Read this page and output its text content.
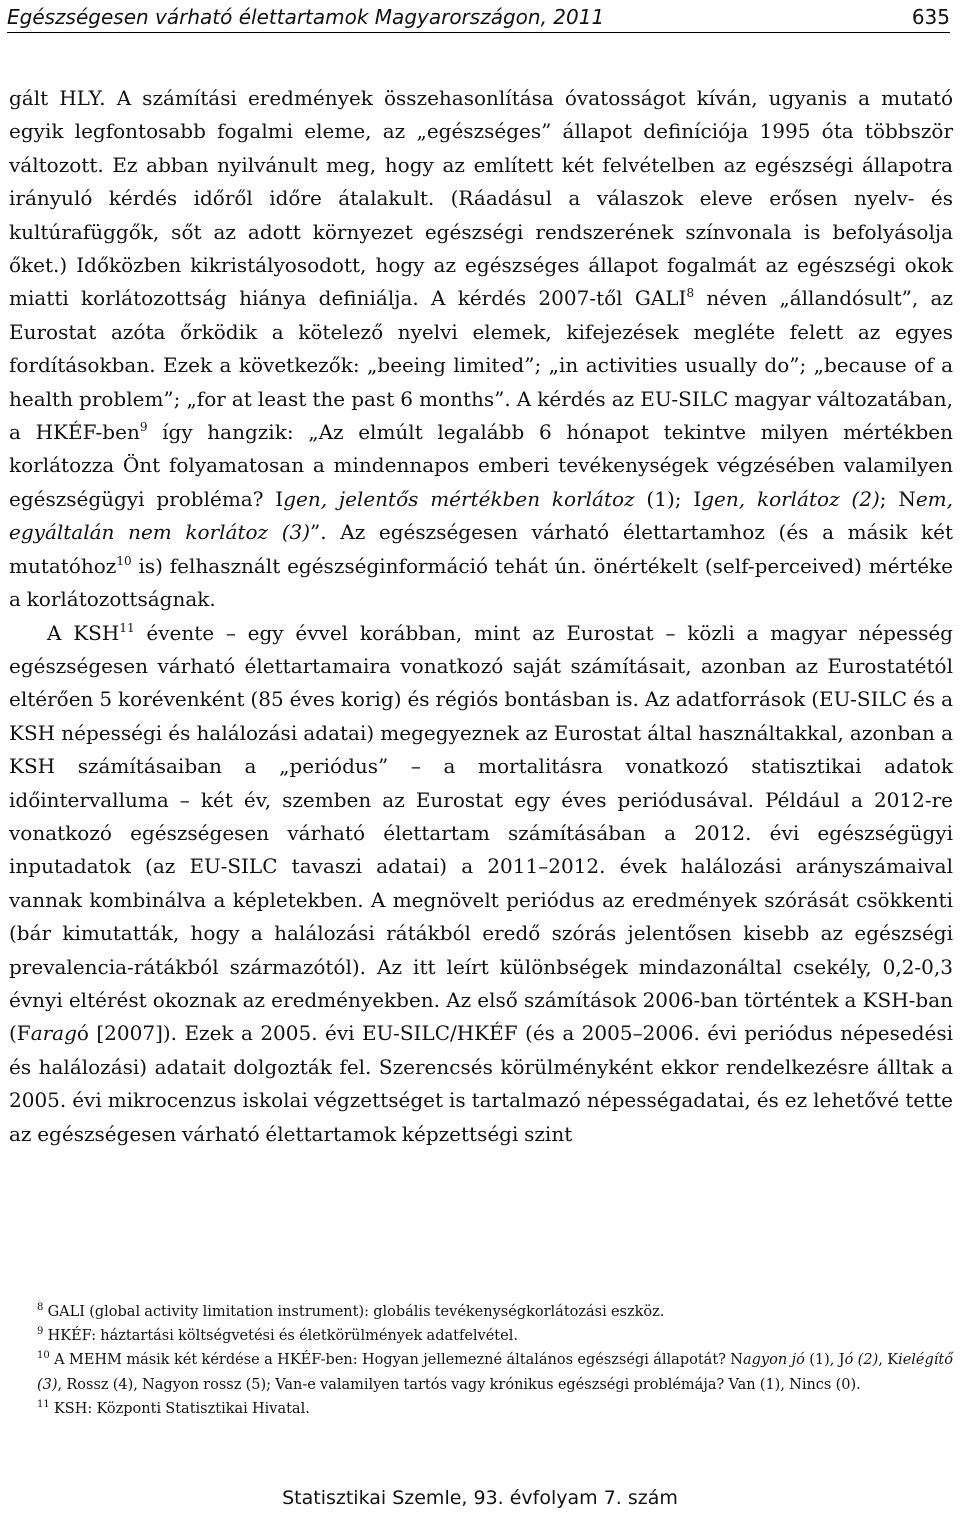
Egészségesen várható élettartamok Magyarországon, 2011	635

gált HLY. A számítási eredmények összehasonlítása óvatosságot kíván, ugyanis a mutató egyik legfontosabb fogalmi eleme, az „egészséges” állapot definíciója 1995 óta többször változott. Ez abban nyilvánult meg, hogy az említett két felvételben az egészségi állapotra irányuló kérdés időről időre átalakult. (Ráadásul a válaszok eleve erősen nyelv- és kultúrafüggők, sőt az adott környezet egészségi rendszerének színvonala is befolyásolja őket.) Időközben kikristályosodott, hogy az egészséges állapot fogalmát az egészségi okok miatti korlátozottság hiánya definiálja. A kérdés 2007-től GALI$^8$ néven „állandósult”, az Eurostat azóta őrködik a kötelező nyelvi elemek, kifejezések megléte felett az egyes fordításokban. Ezek a következők: „beeing limited”; „in activities usually do”; „because of a health problem”; „for at least the past 6 months”. A kérdés az EU-SILC magyar változatában, a HKÉF-ben$^9$ így hangzik: „Az elmúlt legalább 6 hónapot tekintve milyen mértékben korlátozza Önt folyamatosan a mindennapos emberi tevékenységek végzésében valamilyen egészségügyi probléma? Igen, jelentős mértékben korlátoz (1); Igen, korlátoz (2); Nem, egyáltalán nem korlátoz (3)”. Az egészségesen várható élettartamhoz (és a másik két mutatóhoz$^{10}$ is) felhasznált egészséginformáció tehát ún. önértékelt (self-perceived) mértéke a korlátozottságnak.

A KSH$^{11}$ évente – egy évvel korábban, mint az Eurostat – közli a magyar népesség egészségesen várható élettartamaira vonatkozó saját számításait, azonban az Eurostatétól eltérően 5 korévenként (85 éves korig) és régiós bontásban is. Az adatforrások (EU-SILC és a KSH népességi és halálozási adatai) megegyeznek az Eurostat által használtakkal, azonban a KSH számításaiban a „periódus” – a mortalitásra vonatkozó statisztikai adatok időintervalluma – két év, szemben az Eurostat egy éves periódusával. Például a 2012-re vonatkozó egészségesen várható élettartam számításában a 2012. évi egészségügyi inputadatok (az EU-SILC tavaszi adatai) a 2011–2012. évek halálozási arányszámaival vannak kombinálva a képletekben. A megnövelt periódus az eredmények szórását csökkenti (bár kimutatták, hogy a halálozási rátákból eredő szórás jelentősen kisebb az egészségi prevalencia-rátákból származótól). Az itt leírt különbségek mindazonáltal csekély, 0,2-0,3 évnyi eltérést okoznak az eredményekben. Az első számítások 2006-ban történtek a KSH-ban (Faragó [2007]). Ezek a 2005. évi EU-SILC/HKÉF (és a 2005–2006. évi periódus népesedési és halálozási) adatait dolgozták fel. Szerencsés körülményként ekkor rendelkezésre álltak a 2005. évi mikrocenzus iskolai végzettséget is tartalmazó népességadatai, és ez lehetővé tette az egészségesen várható élettartamok képzettségi szint

$^8$ GALI (global activity limitation instrument): globális tevékenységkorlátozási eszköz.

$^9$ HKÉF: háztartási költségvetési és életkörülmények adatfelvétel.

$^{10}$ A MEHM másik két kérdése a HKÉF-ben: Hogyan jellemezné általános egészségi állapotát? Nagyon jó (1), Jó (2), Kielégítő (3), Rossz (4), Nagyon rossz (5); Van-e valamilyen tartós vagy krónikus egészségi problémája? Van (1), Nincs (0).

$^{11}$ KSH: Központi Statisztikai Hivatal.

Statisztikai Szemle, 93. évfolyam 7. szám
